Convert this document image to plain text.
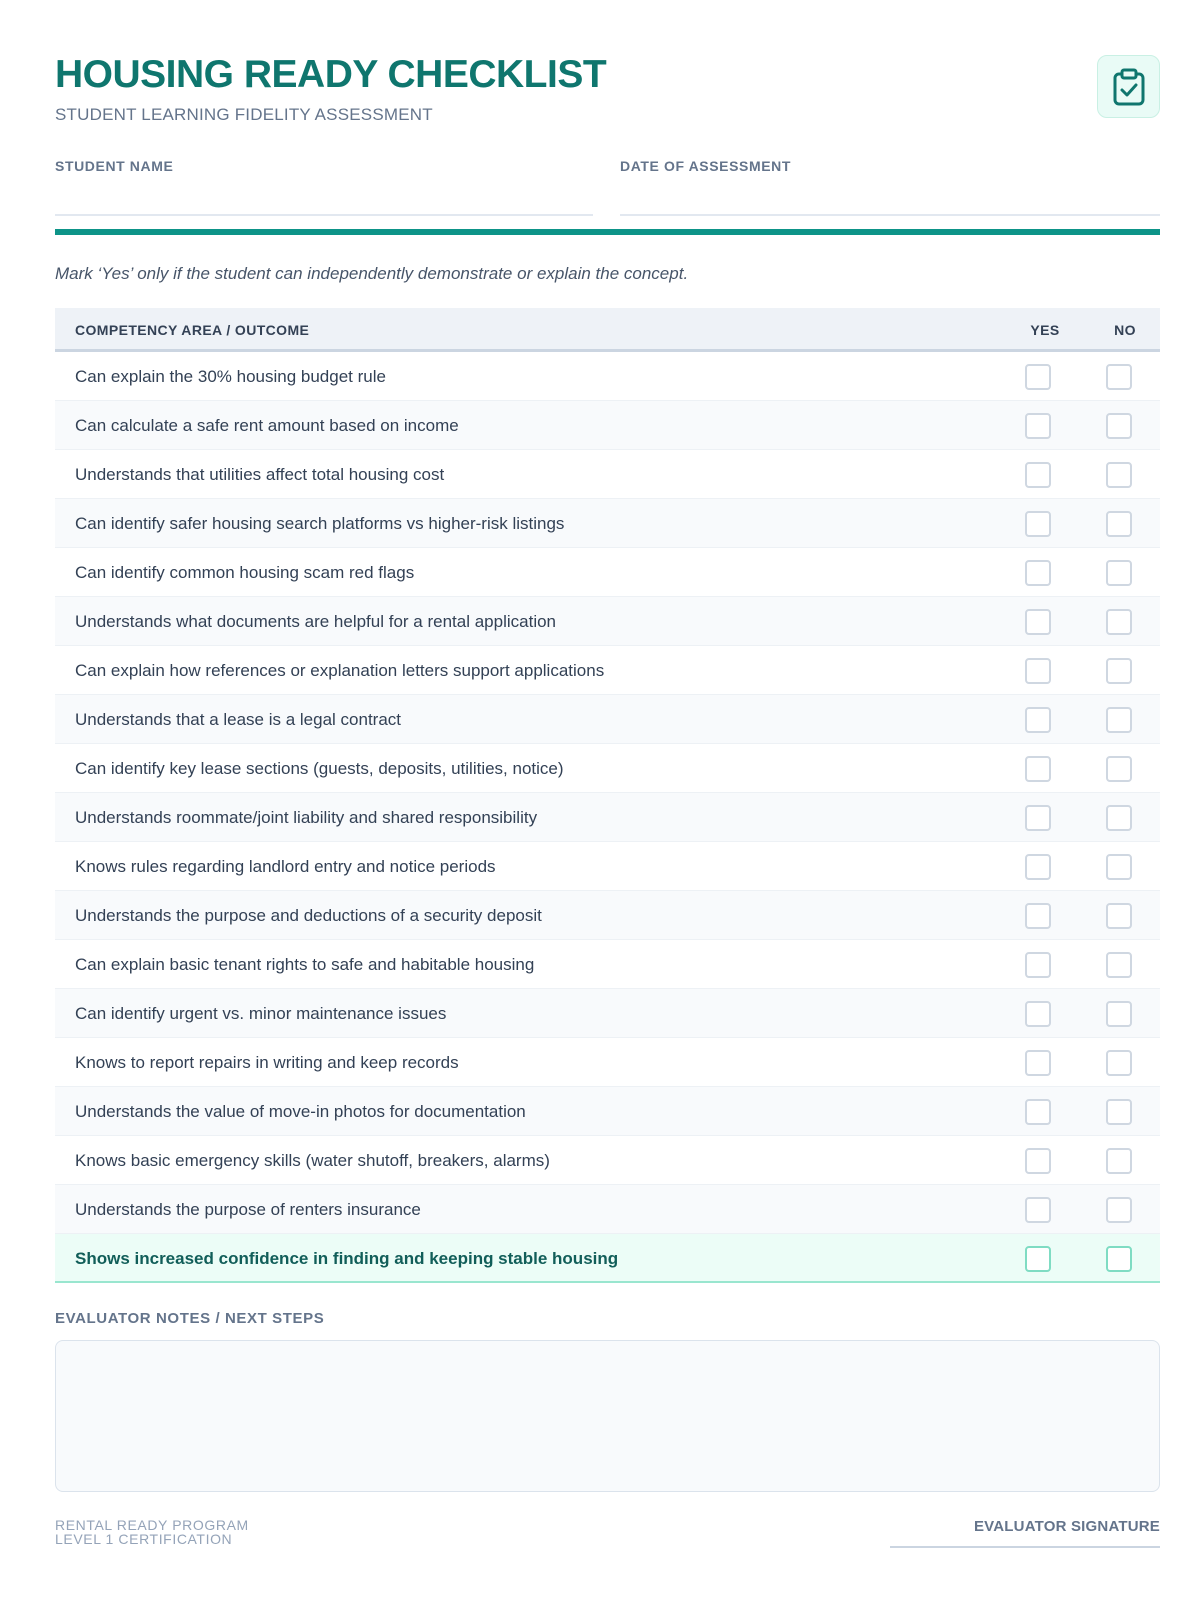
HOUSING READY CHECKLIST
STUDENT LEARNING FIDELITY ASSESSMENT
STUDENT NAME	DATE OF ASSESSMENT
Mark ‘Yes’ only if the student can independently demonstrate or explain the concept.
COMPETENCY AREA / OUTCOME	YES	NO
Can explain the 30% housing budget rule
Can calculate a safe rent amount based on income
Understands that utilities affect total housing cost
Can identify safer housing search platforms vs higher-risk listings
Can identify common housing scam red flags
Understands what documents are helpful for a rental application
Can explain how references or explanation letters support applications
Understands that a lease is a legal contract
Can identify key lease sections (guests, deposits, utilities, notice)
Understands roommate/joint liability and shared responsibility
Knows rules regarding landlord entry and notice periods
Understands the purpose and deductions of a security deposit
Can explain basic tenant rights to safe and habitable housing
Can identify urgent vs. minor maintenance issues
Knows to report repairs in writing and keep records
Understands the value of move-in photos for documentation
Knows basic emergency skills (water shutoff, breakers, alarms)
Understands the purpose of renters insurance
Shows increased confidence in finding and keeping stable housing
EVALUATOR NOTES / NEXT STEPS
RENTAL READY PROGRAM
LEVEL 1 CERTIFICATION
EVALUATOR SIGNATURE
